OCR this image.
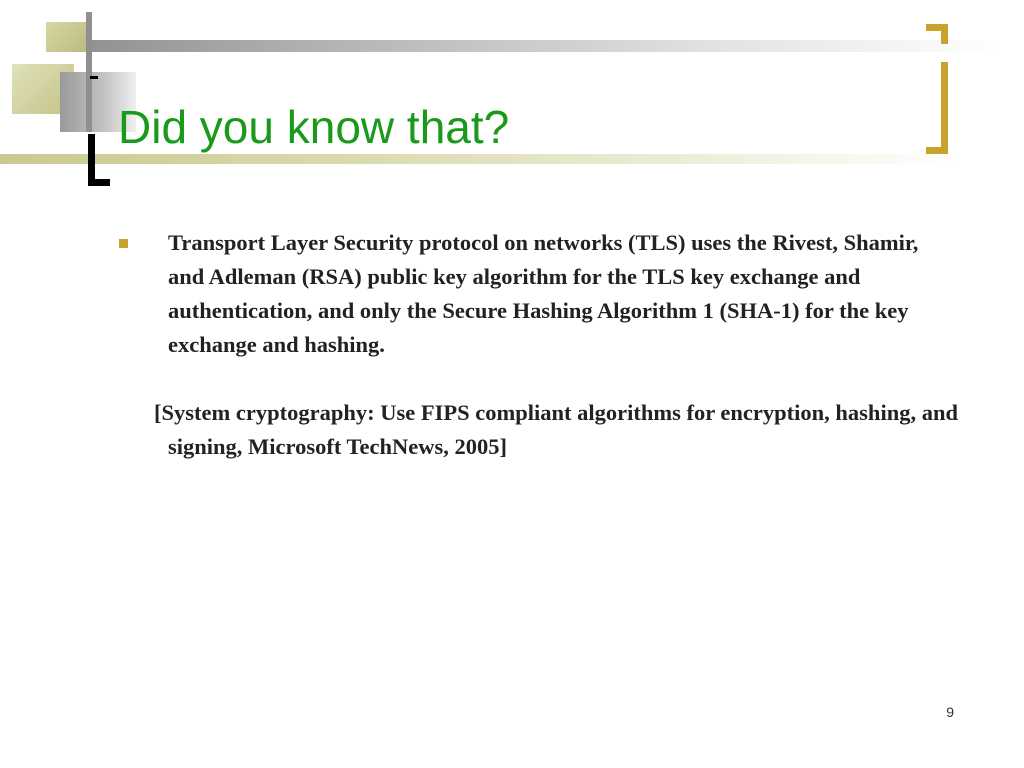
Did you know that?
Transport Layer Security protocol on networks (TLS) uses the Rivest, Shamir, and Adleman (RSA) public key algorithm for the TLS key exchange and authentication, and only the Secure Hashing Algorithm 1 (SHA-1) for the key exchange and hashing.
[System cryptography: Use FIPS compliant algorithms for encryption, hashing, and signing, Microsoft TechNews, 2005]
9
